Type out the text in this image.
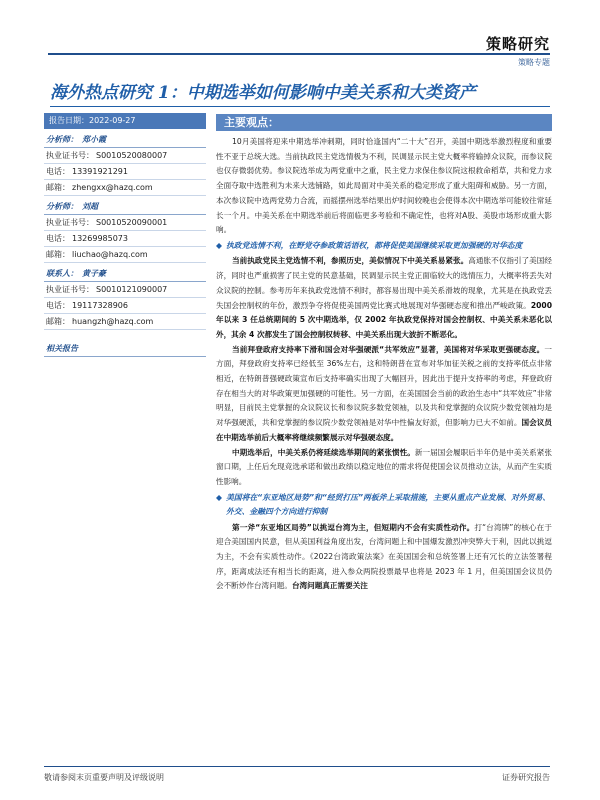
策略研究
策略专题
海外热点研究 1：中期选举如何影响中美关系和大类资产
报告日期：2022-09-27
分析师： 郑小霞
执业证书号： S0010520080007
电话： 13391921291
邮箱： zhengxx@hazq.com
分析师： 刘超
执业证书号： S0010520090001
电话： 13269985073
邮箱： liuchao@hazq.com
联系人： 黄子豪
执业证书号： S0010121090007
电话： 19117328906
邮箱： huangzh@hazq.com
相关报告
主要观点：

10月美国将迎来中期选举冲刺期，同时恰逢国内“二十大”召开，美国中期选举激烈程度和重要性不亚于总统大选。当前执政民主党选情极为不利，民调显示民主党大概率将输掉众议院，而参议院也仅存微弱优势。参议院选举成为两党重中之重，民主党力求保住参议院这根救命稻草，共和党力求全面夺取中选胜利为未来大选铺路，如此局面对中美关系的稳定形成了重大阻碍和威胁。另一方面，本次参议院中选两党势力合流，而摇摆州选举结果出炉时间较晚也会使得本次中期选举可能较往常延长一个月。中美关系在中期选举前后将面临更多考验和不确定性，也将对A股、美股市场形成重大影响。

◆ 执政党选情不利，在野党夺参政策话语权，都将促使美国继续采取更加强硬的对华态度

当前执政党民主党选情不利，参照历史，美似情况下中美关系易紧张。高通胀不仅指引了美国经济，同时也严重损害了民主党的民意基础，民调显示民主党正面临较大的选情压力，大概率将丢失对众议院的控制。参考历年来执政党选情不利时，都容易出现中美关系滑坡的现象，尤其是在执政党丢失国会控制权的年份，激烈争夺将促使美国两党比赛式地展现对华强硬态度和推出严峻政策。2000 年以来 3 任总统期间的 5 次中期选举，仅 2002 年执政党保持对国会控制权、中美关系未恶化以外，其余 4 次都发生了国会控制权转移、中美关系出现大波折不断恶化。

当前拜登政府支持率下滑和国会对华强硬派“共军效应”显著，美国将对华采取更强硬态度。一方面，拜登政府支持率已经低至 36%左右，这和特朗普在宣布对华加征关税之前的支持率低点非常相近，在特朗普强硬政策宣布后支持率确实出现了大幅回升，因此出于提升支持率的考虑，拜登政府存在相当大的对华政策更加强硬的可能性。另一方面，在美国国会当前的政治生态中“共军效应”非常明显，目前民主党掌握的众议院议长和参议院多数党领袖，以及共和党掌握的众议院少数党领袖均是对华强硬派，共和党掌握的参议院少数党领袖是对华中性偏友好派，但影响力已大不如前。国会议员在中期选举前后大概率将继续频繁展示对华强硬态度。

中期选举后，中美关系仍将延续选举期间的紧张惯性。新一届国会履职后半年仍是中美关系紧张窗口期，上任后允现竞选承诺和做出政绩以稳定地位的需求将促使国会议员推动立法，从而产生实质性影响。

◆ 美国将在“东亚地区局势”和“经贸打压”两板斧上采取措施，主要从重点产业发展、对外贸易、外交、金融四个方向进行抑制

第一斧“东亚地区局势”以挑逗台湾为主，但短期内不会有实质性动作。打“台湾牌”的核心在于迎合美国国内民意，但从美国利益角度出发，台湾问题上和中国爆发激烈冲突弊大于利，因此以挑逗为主，不会有实质性动作。《2022台湾政策法案》在美国国会和总统签署上还有冗长的立法签署程序，距离成法还有相当长的距离，进入参众两院投票最早也将是 2023 年 1 月，但美国国会议员仍会不断炒作台湾问题。台湾问题真正需要关注

敬请参阅末页重要声明及评级说明	证券研究报告
